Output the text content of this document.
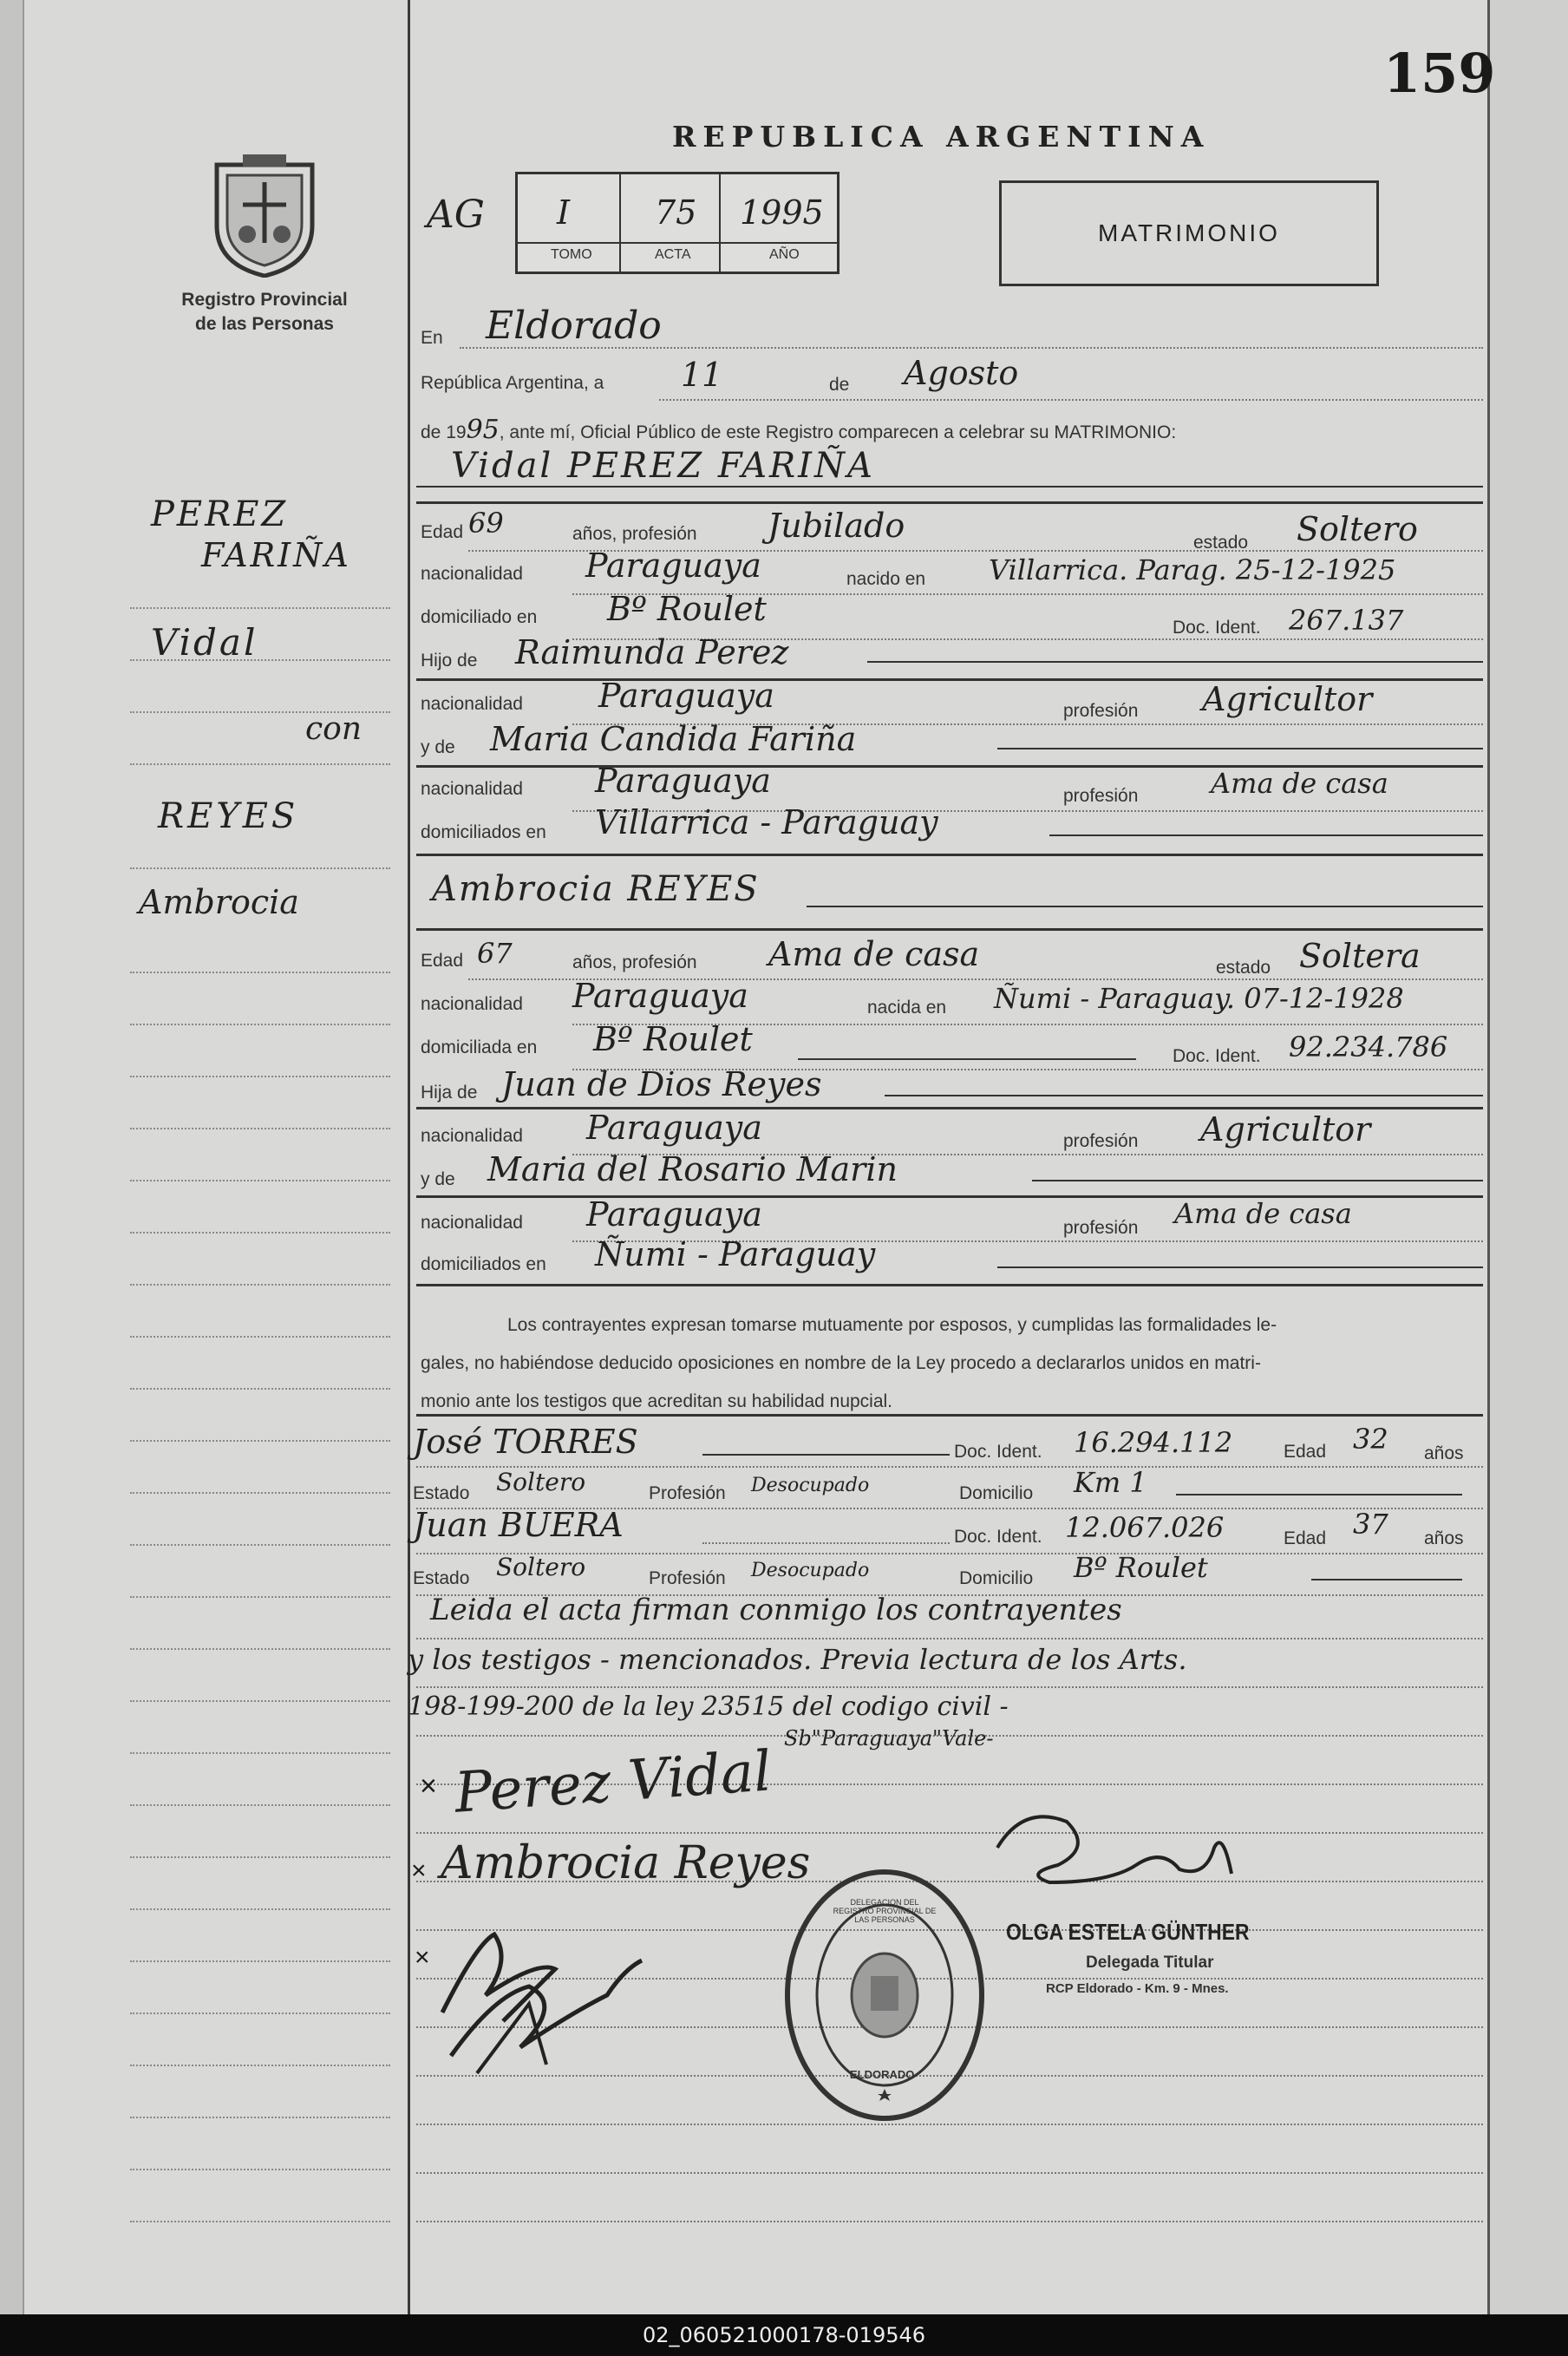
159
Registro Provincial
de las Personas
REPUBLICA ARGENTINA
AG I	75 1995
TOMO	ACTA	AÑO
MATRIMONIO
En Eldorado
República Argentina, a 11	de Agosto
de 1995, ante mí, Oficial Público de este Registro comparecen a celebrar su MATRIMONIO:
Vidal PEREZ FARIÑA
Edad 69	años, profesión Jubilado	estado Soltero
nacionalidad Paraguaya	nacido en Villarrica. Parag. 25-12-1925
domiciliado en Bº Roulet	Doc. Ident. 267.137
Hijo de Raimunda Perez
nacionalidad Paraguaya	profesión Agricultor
y de Maria Candida Fariña
nacionalidad Paraguaya	profesión	Ama de casa
domiciliados en Villarrica - Paraguay
Ambrocia REYES
Edad 67	años, profesión Ama de casa	estado Soltera
nacionalidad Paraguaya	nacida en Ñumi - Paraguay. 07-12-1928
domiciliada en Bº Roulet	Doc. Ident. 92.234.786
Hija de Juan de Dios Reyes
nacionalidad Paraguaya	profesión Agricultor
y de Maria del Rosario Marin
nacionalidad Paraguaya	profesión Ama de casa
domiciliados en Ñumi - Paraguay
Los contrayentes expresan tomarse mutuamente por esposos, y cumplidas las formalidades le-
gales, no habiéndose deducido oposiciones en nombre de la Ley procedo a declararlos unidos en matri-
monio ante los testigos que acreditan su habilidad nupcial.
José TORRES	Doc. Ident. 16.294.112	Edad 32 años
Estado Soltero	Profesión Desocupado	Domicilio Km 1
Juan BUERA	Doc. Ident. 12.067.026	Edad 37 años
Estado Soltero	Profesión Desocupado	Domicilio Bº Roulet
Leida el acta firman conmigo los contrayentes
y los testigos - mencionados. Previa lectura de los Arts.
198-199-200 de la ley 23515 del codigo civil -
Sb"Paraguaya"Vale-
× Perez Vidal
× Ambrocia Reyes
×
DELEGACION DEL REGISTRO PROVINCIAL DE LAS PERSONAS
ELDORADO
OLGA ESTELA GÜNTHER
Delegada Titular
RCP Eldorado - Km. 9 - Mnes.
PEREZ
FARIÑA
Vidal
con
REYES
Ambrocia
02_060521000178-019546
